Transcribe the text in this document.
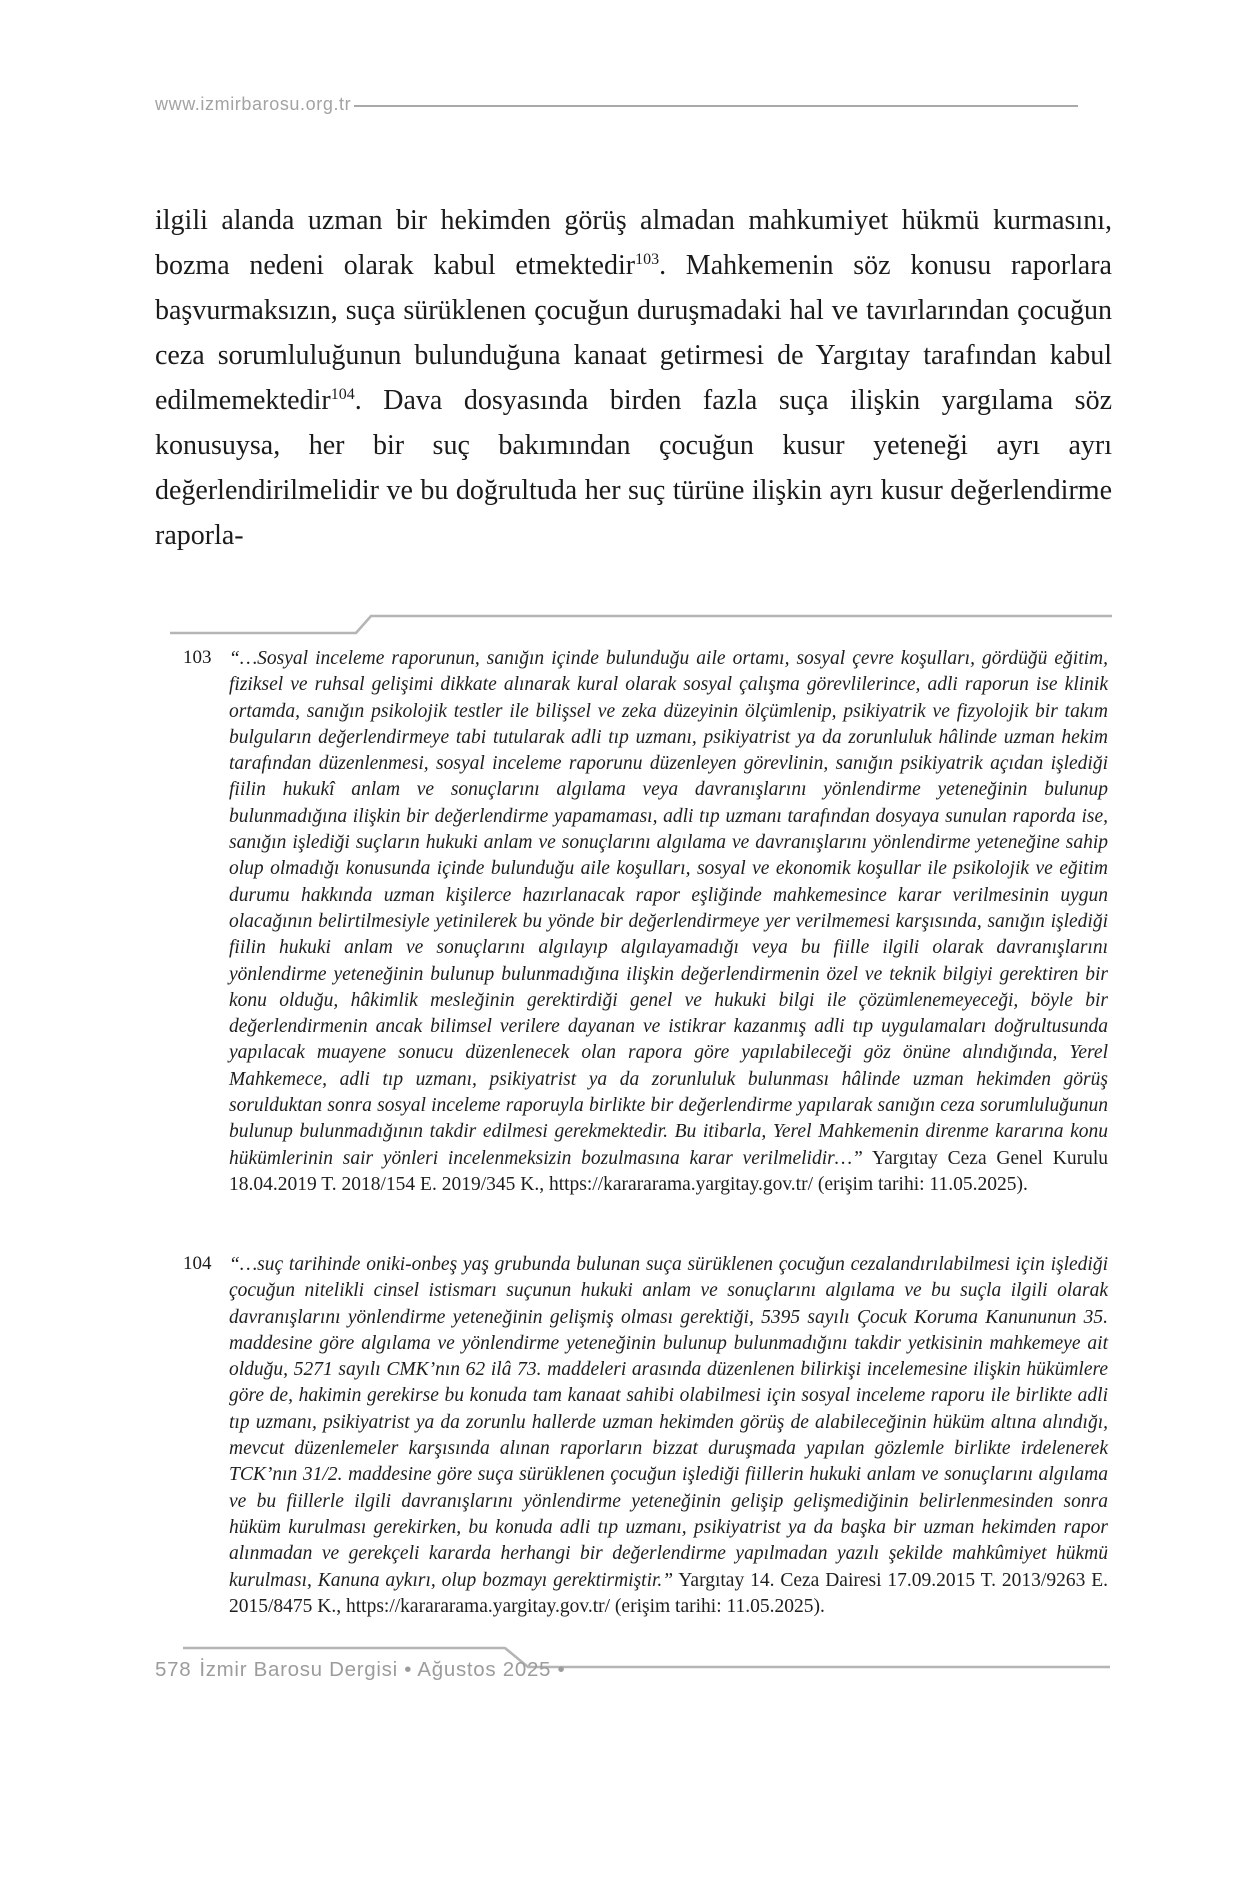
www.izmirbarosu.org.tr

ilgili alanda uzman bir hekimden görüş almadan mahkumiyet hükmü kurmasını, bozma nedeni olarak kabul etmektedir$^{103}$. Mahkemenin söz konusu raporlara başvurmaksızın, suça sürüklenen çocuğun duruşmadaki hal ve tavırlarından çocuğun ceza sorumluluğunun bulunduğuna kanaat getirmesi de Yargıtay tarafından kabul edilmemektedir$^{104}$. Dava dosyasında birden fazla suça ilişkin yargılama söz konusuysa, her bir suç bakımından çocuğun kusur yeteneği ayrı ayrı değerlendirilmelidir ve bu doğrultuda her suç türüne ilişkin ayrı kusur değerlendirme raporla-

103 “…Sosyal inceleme raporunun, sanığın içinde bulunduğu aile ortamı, sosyal çevre koşulları, gördüğü eğitim, fiziksel ve ruhsal gelişimi dikkate alınarak kural olarak sosyal çalışma görevlilerince, adli raporun ise klinik ortamda, sanığın psikolojik testler ile bilişsel ve zeka düzeyinin ölçümlenip, psikiyatrik ve fizyolojik bir takım bulguların değerlendirmeye tabi tutularak adli tıp uzmanı, psikiyatrist ya da zorunluluk hâlinde uzman hekim tarafından düzenlenmesi, sosyal inceleme raporunu düzenleyen görevlinin, sanığın psikiyatrik açıdan işlediği fiilin hukukî anlam ve sonuçlarını algılama veya davranışlarını yönlendirme yeteneğinin bulunup bulunmadığına ilişkin bir değerlendirme yapamaması, adli tıp uzmanı tarafından dosyaya sunulan raporda ise, sanığın işlediği suçların hukuki anlam ve sonuçlarını algılama ve davranışlarını yönlendirme yeteneğine sahip olup olmadığı konusunda içinde bulunduğu aile koşulları, sosyal ve ekonomik koşullar ile psikolojik ve eğitim durumu hakkında uzman kişilerce hazırlanacak rapor eşliğinde mahkemesince karar verilmesinin uygun olacağının belirtilmesiyle yetinilerek bu yönde bir değerlendirmeye yer verilmemesi karşısında, sanığın işlediği fiilin hukuki anlam ve sonuçlarını algılayıp algılayamadığı veya bu fiille ilgili olarak davranışlarını yönlendirme yeteneğinin bulunup bulunmadığına ilişkin değerlendirmenin özel ve teknik bilgiyi gerektiren bir konu olduğu, hâkimlik mesleğinin gerektirdiği genel ve hukuki bilgi ile çözümlenemeyeceği, böyle bir değerlendirmenin ancak bilimsel verilere dayanan ve istikrar kazanmış adli tıp uygulamaları doğrultusunda yapılacak muayene sonucu düzenlenecek olan rapora göre yapılabileceği göz önüne alındığında, Yerel Mahkemece, adli tıp uzmanı, psikiyatrist ya da zorunluluk bulunması hâlinde uzman hekimden görüş sorulduktan sonra sosyal inceleme raporuyla birlikte bir değerlendirme yapılarak sanığın ceza sorumluluğunun bulunup bulunmadığının takdir edilmesi gerekmektedir. Bu itibarla, Yerel Mahkemenin direnme kararına konu hükümlerinin sair yönleri incelenmeksizin bozulmasına karar verilmelidir…” Yargıtay Ceza Genel Kurulu 18.04.2019 T. 2018/154 E. 2019/345 K., https://karararama.yargitay.gov.tr/ (erişim tarihi: 11.05.2025).

104 “…suç tarihinde oniki-onbeş yaş grubunda bulunan suça sürüklenen çocuğun cezalandırılabilmesi için işlediği çocuğun nitelikli cinsel istismarı suçunun hukuki anlam ve sonuçlarını algılama ve bu suçla ilgili olarak davranışlarını yönlendirme yeteneğinin gelişmiş olması gerektiği, 5395 sayılı Çocuk Koruma Kanununun 35. maddesine göre algılama ve yönlendirme yeteneğinin bulunup bulunmadığını takdir yetkisinin mahkemeye ait olduğu, 5271 sayılı CMK’nın 62 ilâ 73. maddeleri arasında düzenlenen bilirkişi incelemesine ilişkin hükümlere göre de, hakimin gerekirse bu konuda tam kanaat sahibi olabilmesi için sosyal inceleme raporu ile birlikte adli tıp uzmanı, psikiyatrist ya da zorunlu hallerde uzman hekimden görüş de alabileceğinin hüküm altına alındığı, mevcut düzenlemeler karşısında alınan raporların bizzat duruşmada yapılan gözlemle birlikte irdelenerek TCK’nın 31/2. maddesine göre suça sürüklenen çocuğun işlediği fiillerin hukuki anlam ve sonuçlarını algılama ve bu fiillerle ilgili davranışlarını yönlendirme yeteneğinin gelişip gelişmediğinin belirlenmesinden sonra hüküm kurulması gerekirken, bu konuda adli tıp uzmanı, psikiyatrist ya da başka bir uzman hekimden rapor alınmadan ve gerekçeli kararda herhangi bir değerlendirme yapılmadan yazılı şekilde mahkûmiyet hükmü kurulması, Kanuna aykırı, olup bozmayı gerektirmiştir.” Yargıtay 14. Ceza Dairesi 17.09.2015 T. 2013/9263 E. 2015/8475 K., https://karararama.yargitay.gov.tr/ (erişim tarihi: 11.05.2025).

578 İzmir Barosu Dergisi • Ağustos 2025 •
